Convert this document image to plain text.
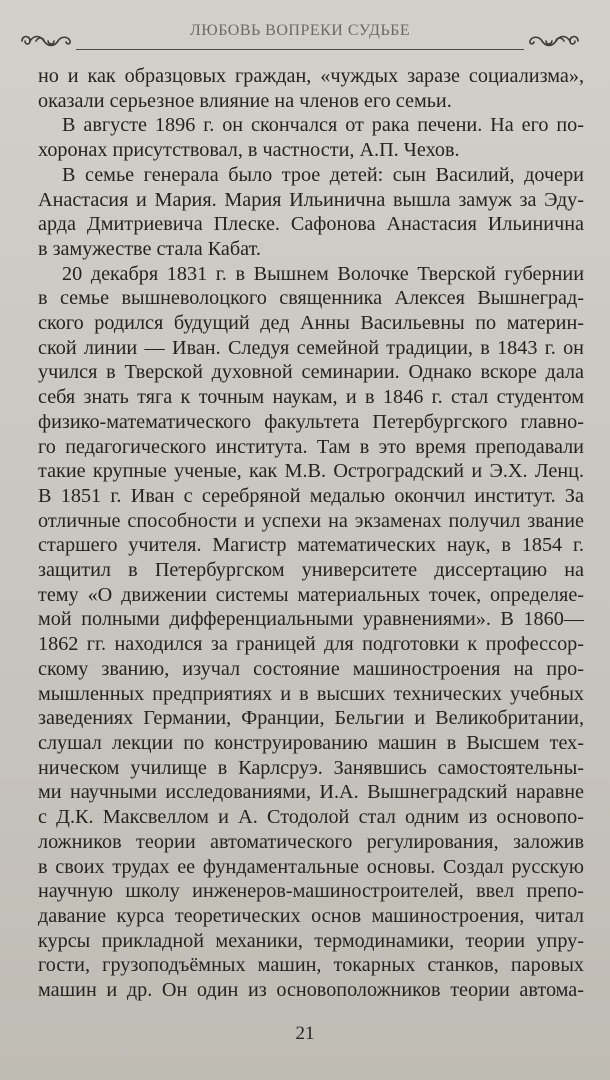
ЛЮБОВЬ ВОПРЕКИ СУДЬБЕ

но и как образцовых граждан, «чуждых заразе социализма»,
оказали серьезное влияние на членов его семьи.

В августе 1896 г. он скончался от рака печени. На его по-
хоронах присутствовал, в частности, А.П. Чехов.

В семье генерала было трое детей: сын Василий, дочери
Анастасия и Мария. Мария Ильинична вышла замуж за Эду-
арда Дмитриевича Плеске. Сафонова Анастасия Ильинична
в замужестве стала Кабат.

20 декабря 1831 г. в Вышнем Волочке Тверской губернии
в семье вышневолоцкого священника Алексея Вышнеград-
ского родился будущий дед Анны Васильевны по материн-
ской линии — Иван. Следуя семейной традиции, в 1843 г. он
учился в Тверской духовной семинарии. Однако вскоре дала
себя знать тяга к точным наукам, и в 1846 г. стал студентом
физико-математического факультета Петербургского главно-
го педагогического института. Там в это время преподавали
такие крупные ученые, как М.В. Остроградский и Э.Х. Ленц.
В 1851 г. Иван с серебряной медалью окончил институт. За
отличные способности и успехи на экзаменах получил звание
старшего учителя. Магистр математических наук, в 1854 г.
защитил в Петербургском университете диссертацию на
тему «О движении системы материальных точек, определяе-
мой полными дифференциальными уравнениями». В 1860—
1862 гг. находился за границей для подготовки к профессор-
скому званию, изучал состояние машиностроения на про-
мышленных предприятиях и в высших технических учебных
заведениях Германии, Франции, Бельгии и Великобритании,
слушал лекции по конструированию машин в Высшем тех-
ническом училище в Карлсруэ. Занявшись самостоятельны-
ми научными исследованиями, И.А. Вышнеградский наравне
с Д.К. Максвеллом и А. Стодолой стал одним из основопо-
ложников теории автоматического регулирования, заложив
в своих трудах ее фундаментальные основы. Создал русскую
научную школу инженеров-машиностроителей, ввел препо-
давание курса теоретических основ машиностроения, читал
курсы прикладной механики, термодинамики, теории упру-
гости, грузоподъёмных машин, токарных станков, паровых
машин и др. Он один из основоположников теории автома-

21
